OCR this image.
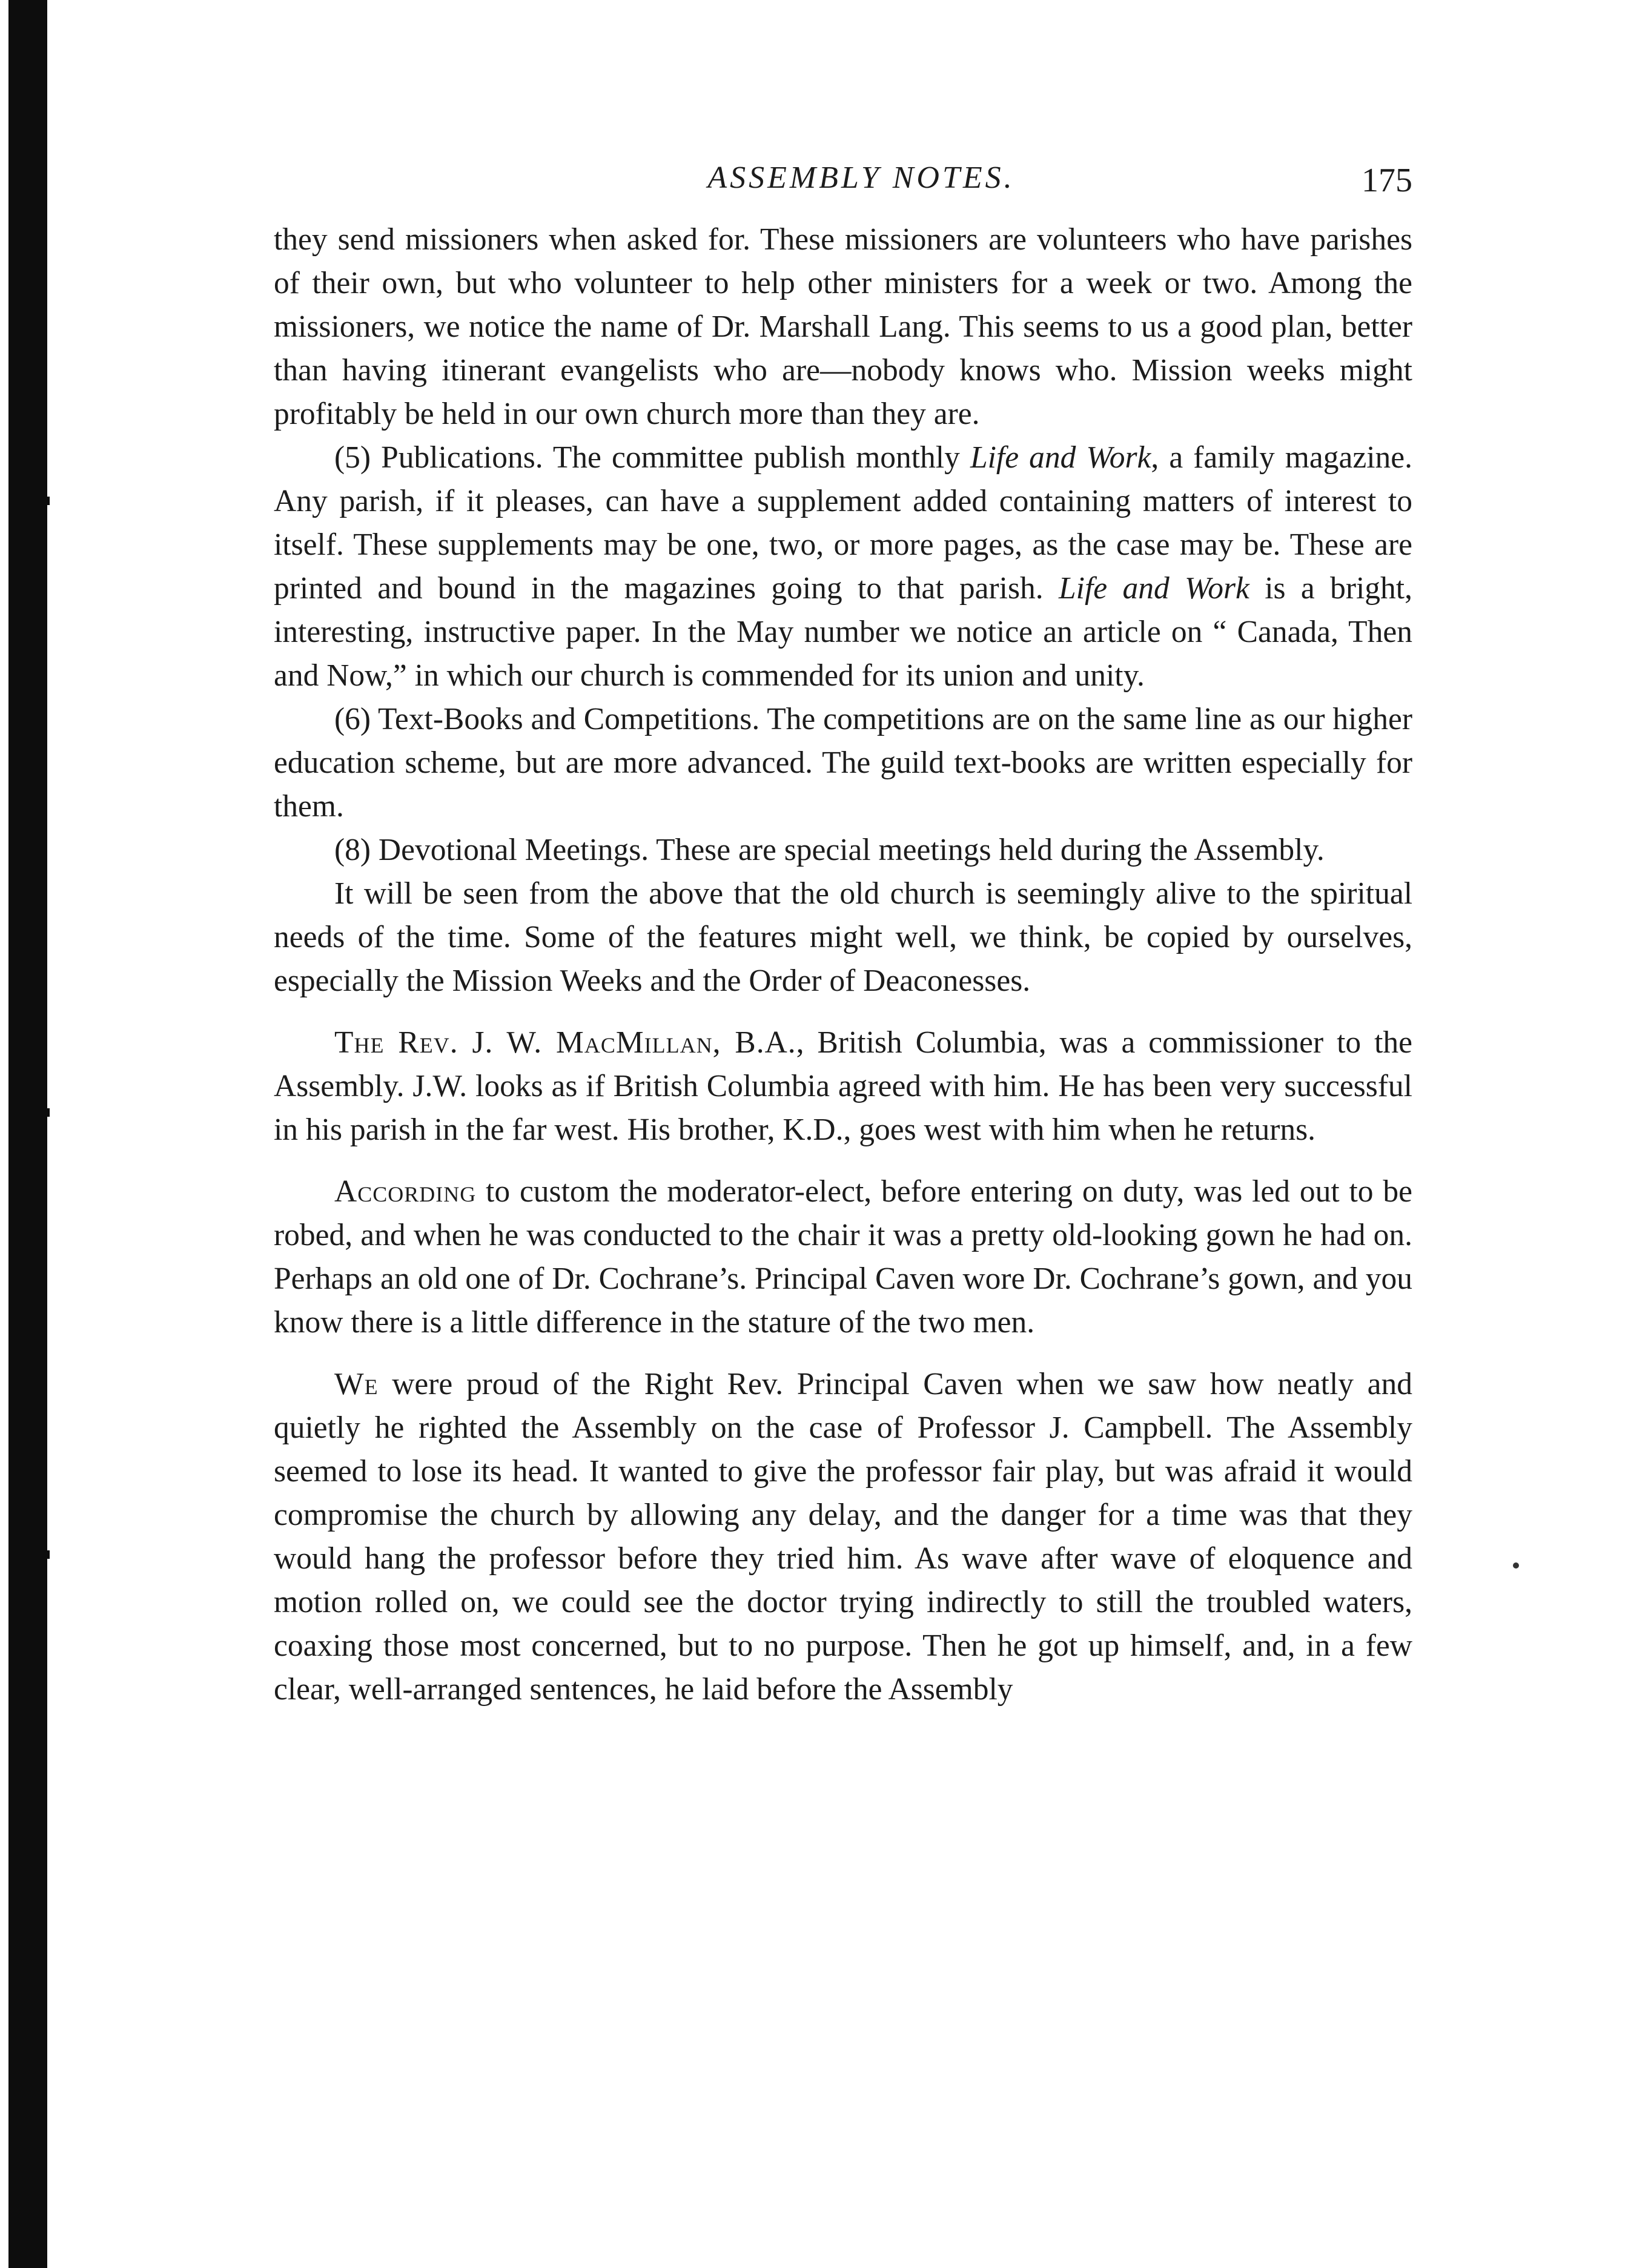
ASSEMBLY NOTES.	175

they send missioners when asked for. These missioners are volunteers who have parishes of their own, but who volunteer to help other ministers for a week or two. Among the missioners, we notice the name of Dr. Marshall Lang. This seems to us a good plan, better than having itinerant evangelists who are—nobody knows who. Mission weeks might profitably be held in our own church more than they are.

(5) Publications. The committee publish monthly Life and Work, a family magazine. Any parish, if it pleases, can have a supplement added containing matters of interest to itself. These supplements may be one, two, or more pages, as the case may be. These are printed and bound in the magazines going to that parish. Life and Work is a bright, interesting, instructive paper. In the May number we notice an article on “ Canada, Then and Now,” in which our church is commended for its union and unity.

(6) Text-Books and Competitions. The competitions are on the same line as our higher education scheme, but are more advanced. The guild text-books are written especially for them.

(8) Devotional Meetings. These are special meetings held during the Assembly.

It will be seen from the above that the old church is seemingly alive to the spiritual needs of the time. Some of the features might well, we think, be copied by ourselves, especially the Mission Weeks and the Order of Deaconesses.

The Rev. J. W. MacMillan, B.A., British Columbia, was a commissioner to the Assembly. J.W. looks as if British Columbia agreed with him. He has been very successful in his parish in the far west. His brother, K.D., goes west with him when he returns.

According to custom the moderator-elect, before entering on duty, was led out to be robed, and when he was conducted to the chair it was a pretty old-looking gown he had on. Perhaps an old one of Dr. Cochrane’s. Principal Caven wore Dr. Cochrane’s gown, and you know there is a little difference in the stature of the two men.

We were proud of the Right Rev. Principal Caven when we saw how neatly and quietly he righted the Assembly on the case of Professor J. Campbell. The Assembly seemed to lose its head. It wanted to give the professor fair play, but was afraid it would compromise the church by allowing any delay, and the danger for a time was that they would hang the professor before they tried him. As wave after wave of eloquence and motion rolled on, we could see the doctor trying indirectly to still the troubled waters, coaxing those most concerned, but to no purpose. Then he got up himself, and, in a few clear, well-arranged sentences, he laid before the Assembly
